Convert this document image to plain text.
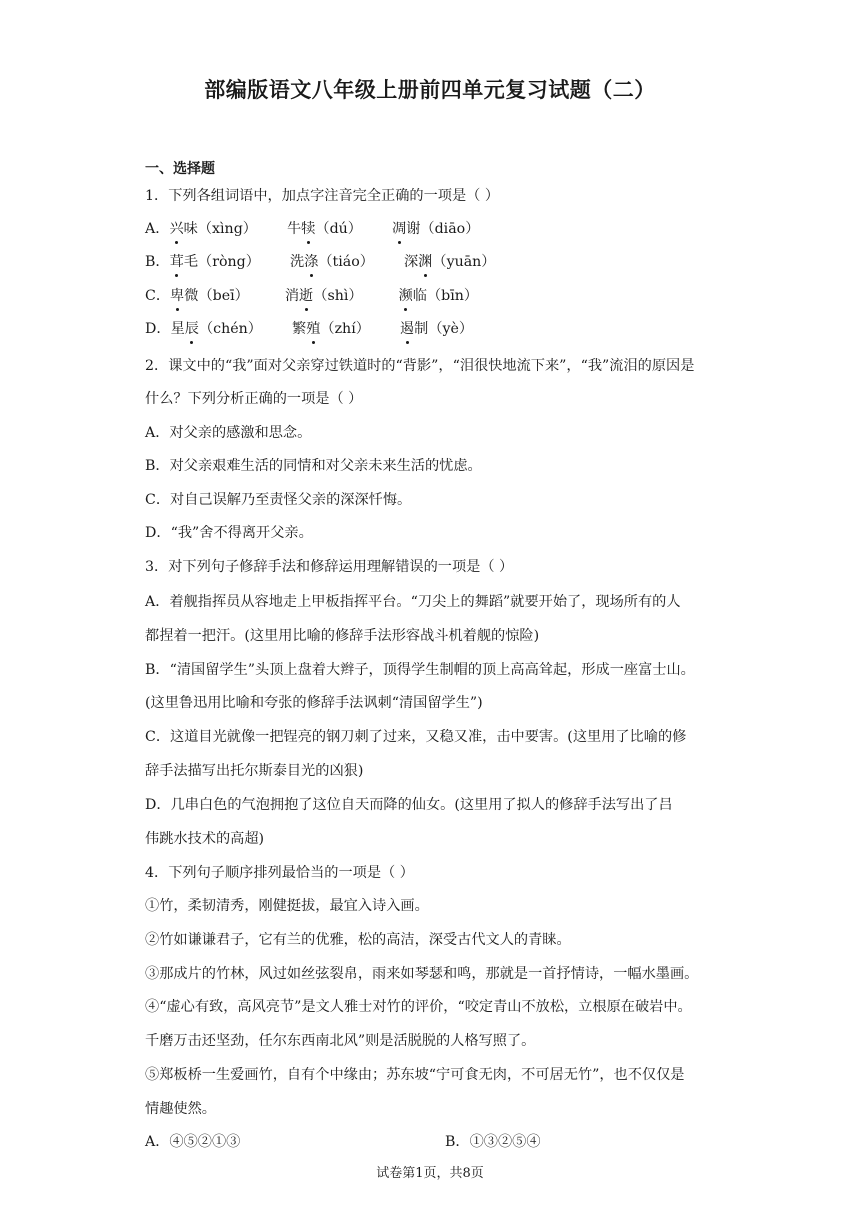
部编版语文八年级上册前四单元复习试题（二）
一、选择题
1．下列各组词语中，加点字注音完全正确的一项是（ ）
A．兴味（xìng） 牛犊（dú） 凋谢（diāo）
B．茸毛（ròng） 洗涤（tiáo） 深渊（yuān）
C．卑微（beī）	消逝（shì）	濒临（bīn）
D．星辰（chén） 繁殖（zhí） 遏制（yè）
2．课文中的“我”面对父亲穿过铁道时的“背影”，“泪很快地流下来”，“我”流泪的原因是
什么？下列分析正确的一项是（ ）
A．对父亲的感激和思念。
B．对父亲艰难生活的同情和对父亲未来生活的忧虑。
C．对自己误解乃至责怪父亲的深深忏悔。
D．“我”舍不得离开父亲。
3．对下列句子修辞手法和修辞运用理解错误的一项是（ ）
A．着舰指挥员从容地走上甲板指挥平台。“刀尖上的舞蹈”就要开始了，现场所有的人
都捏着一把汗。(这里用比喻的修辞手法形容战斗机着舰的惊险)
B．“清国留学生”头顶上盘着大辫子，顶得学生制帽的顶上高高耸起，形成一座富士山。
(这里鲁迅用比喻和夸张的修辞手法讽刺“清国留学生”)
C．这道目光就像一把锃亮的钢刀刺了过来，又稳又准，击中要害。(这里用了比喻的修
辞手法描写出托尔斯泰目光的凶狠)
D．几串白色的气泡拥抱了这位自天而降的仙女。(这里用了拟人的修辞手法写出了吕
伟跳水技术的高超)
4．下列句子顺序排列最恰当的一项是（ ）
①竹，柔韧清秀，刚健挺拔，最宜入诗入画。
②竹如谦谦君子，它有兰的优雅，松的高洁，深受古代文人的青睐。
③那成片的竹林，风过如丝弦裂帛，雨来如琴瑟和鸣，那就是一首抒情诗，一幅水墨画。
④“虚心有致，高风亮节”是文人雅士对竹的评价，“咬定青山不放松，立根原在破岩中。
千磨万击还坚劲，任尔东西南北风”则是活脱脱的人格写照了。
⑤郑板桥一生爱画竹，自有个中缘由；苏东坡“宁可食无肉，不可居无竹”，也不仅仅是
情趣使然。
A．④⑤②①③	B．①③②⑤④
试卷第1页，共8页
